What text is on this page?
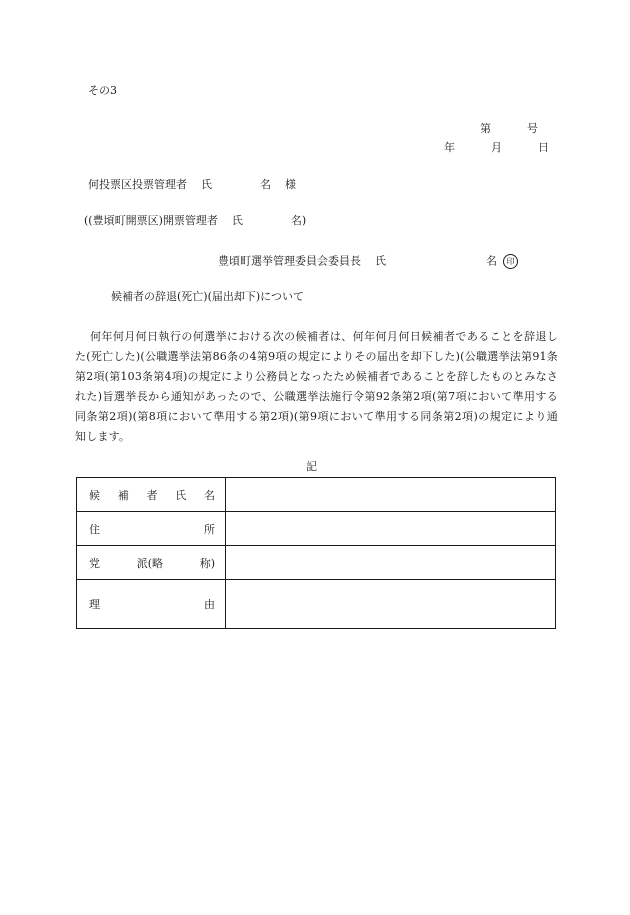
その3
第	号
年	月	日
何投票区投票管理者 氏	名 様
((豊頃町開票区)開票管理者 氏	名)
豊頃町選挙管理委員会委員長 氏	名 印
候補者の辞退(死亡)(届出却下)について
何年何月何日執行の何選挙における次の候補者は、何年何月何日候補者であることを辞退した(死亡した)(公職選挙法第86条の4第9項の規定によりその届出を却下した)(公職選挙法第91条第2項(第103条第4項)の規定により公務員となったため候補者であることを辞したものとみなされた)旨選挙長から通知があったので、公職選挙法施行令第92条第2項(第7項において準用する同条第2項)(第8項において準用する第2項)(第9項において準用する同条第2項)の規定により通知します。
記
候 補 者 氏 名	

住 所	

党 派(略 称)	

理 由	
